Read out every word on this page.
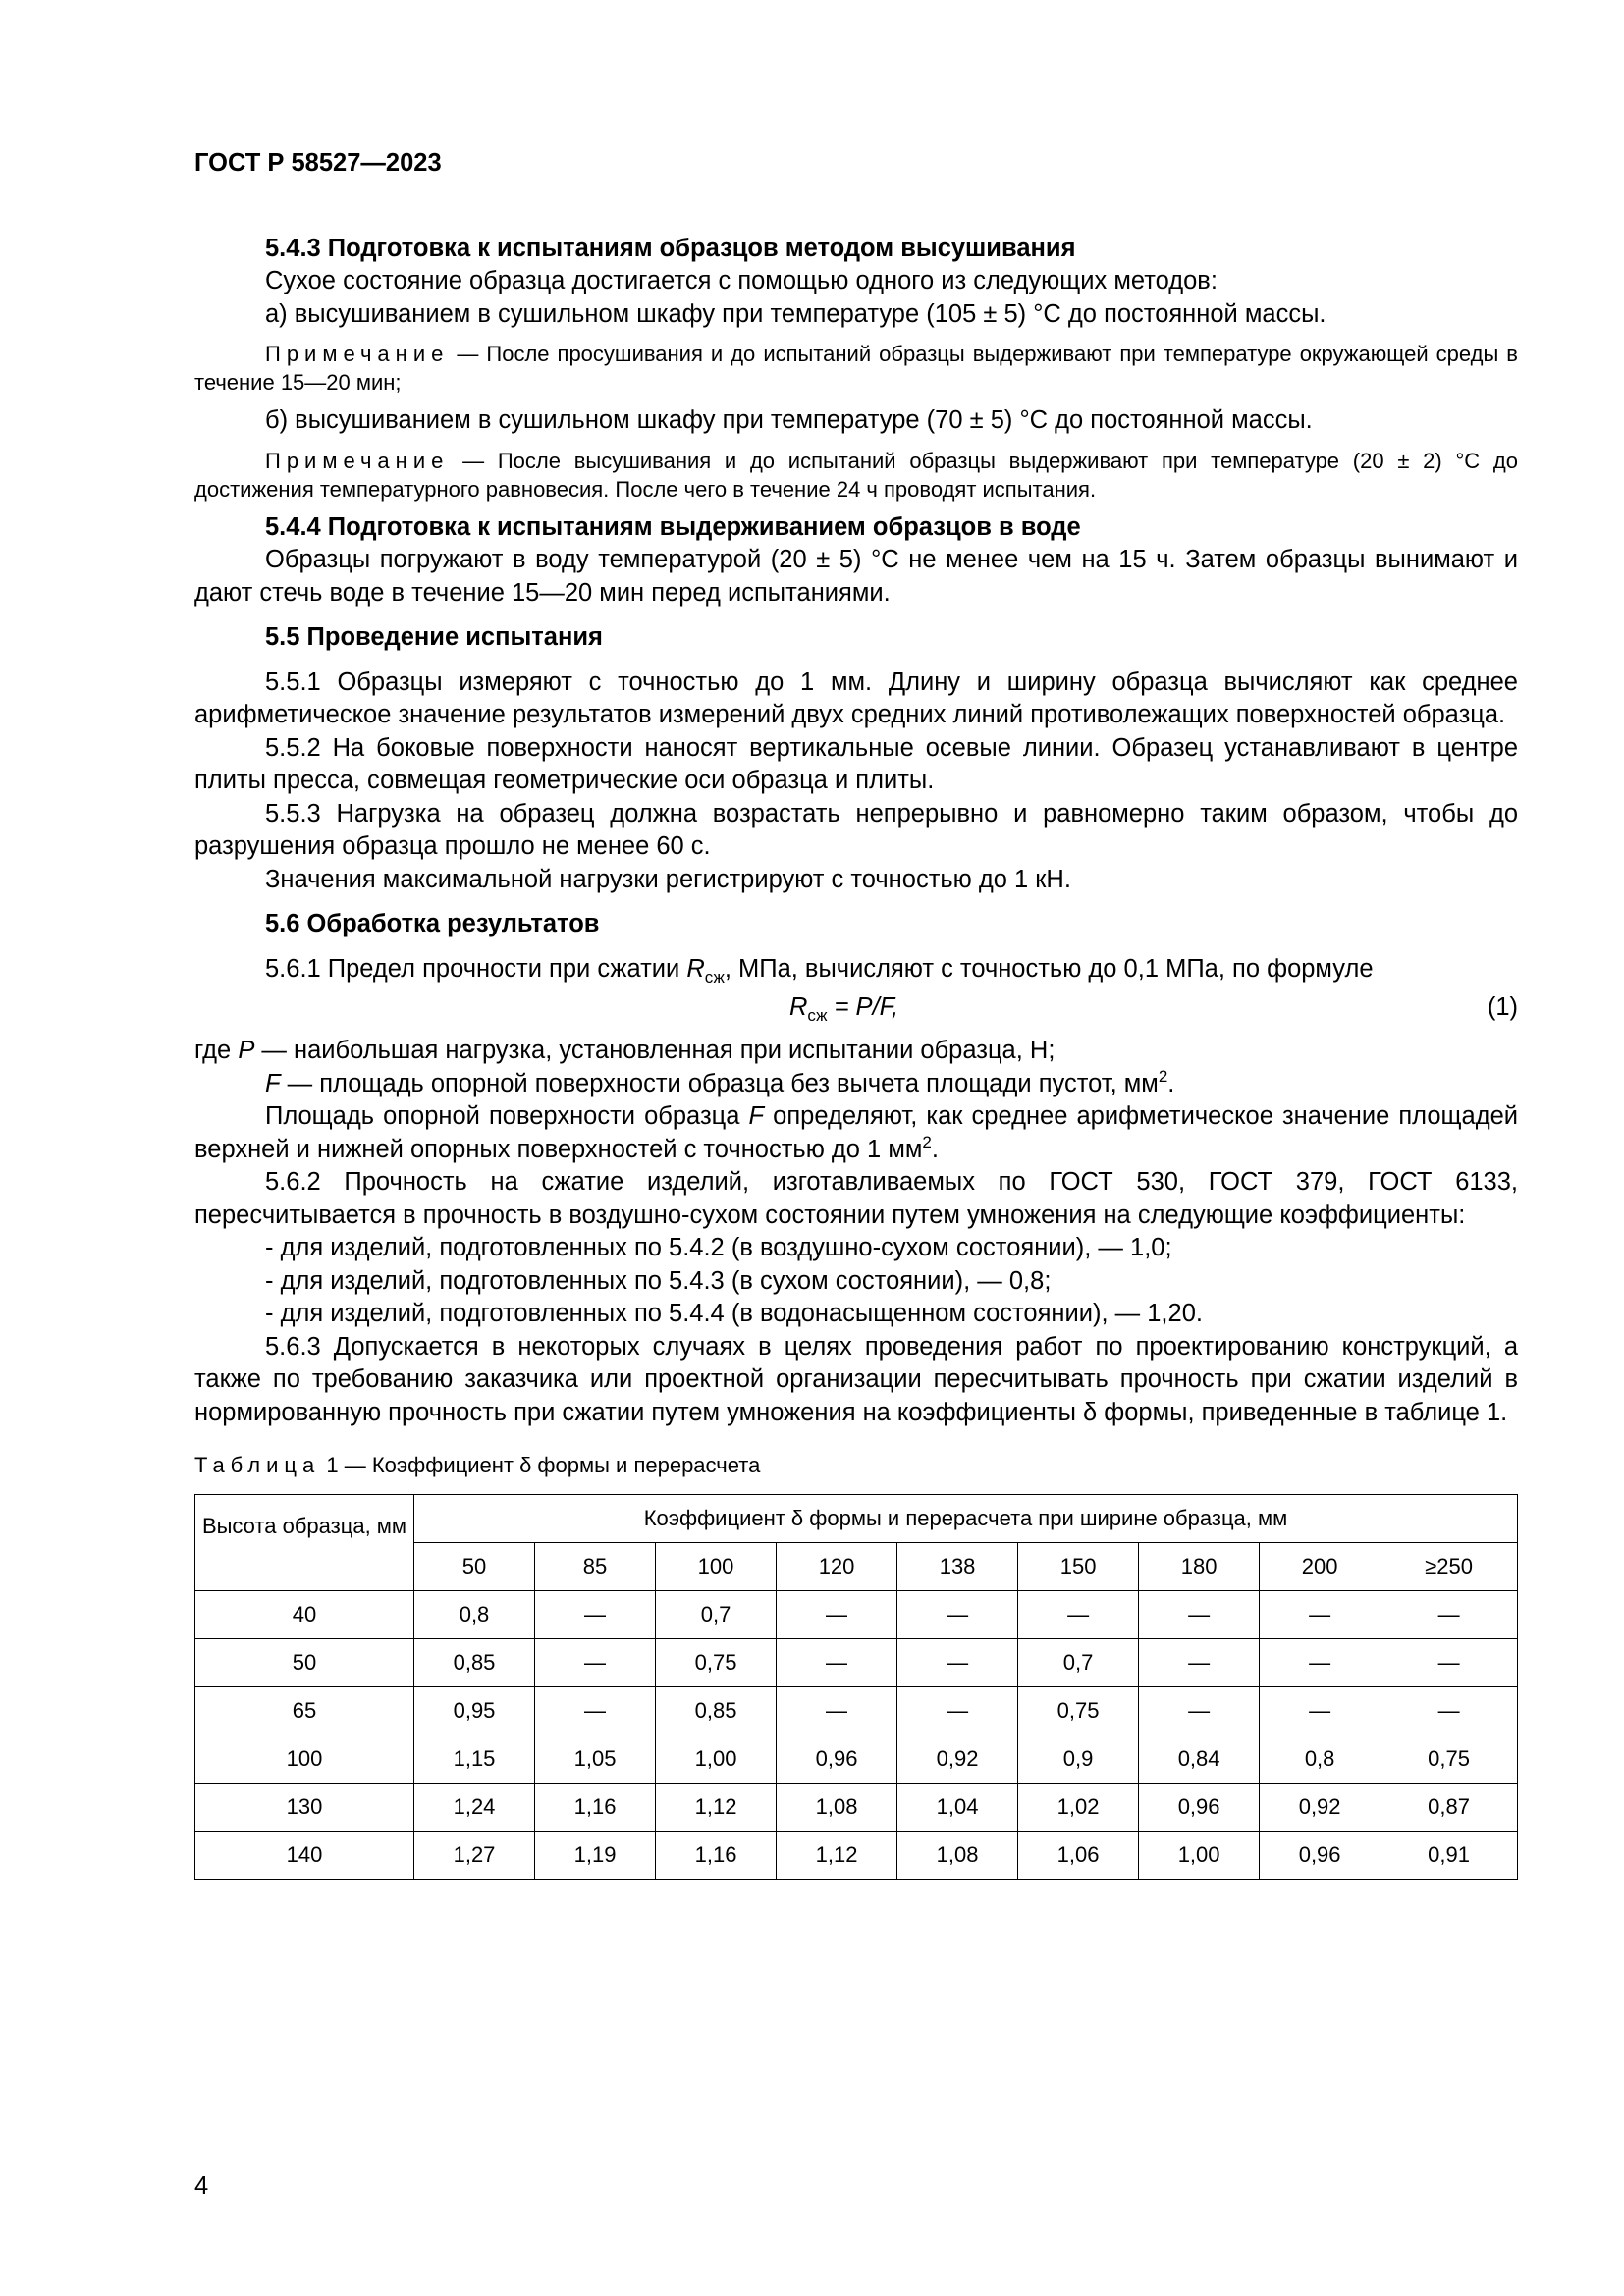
ГОСТ Р 58527—2023
5.4.3 Подготовка к испытаниям образцов методом высушивания
Сухое состояние образца достигается с помощью одного из следующих методов:
а) высушиванием в сушильном шкафу при температуре (105 ± 5) °С до постоянной массы.
Примечание — После просушивания и до испытаний образцы выдерживают при температуре окружающей среды в течение 15—20 мин;
б) высушиванием в сушильном шкафу при температуре (70 ± 5) °С до постоянной массы.
Примечание — После высушивания и до испытаний образцы выдерживают при температуре (20 ± 2) °С до достижения температурного равновесия. После чего в течение 24 ч проводят испытания.
5.4.4 Подготовка к испытаниям выдерживанием образцов в воде
Образцы погружают в воду температурой (20 ± 5) °С не менее чем на 15 ч. Затем образцы вынимают и дают стечь воде в течение 15—20 мин перед испытаниями.
5.5 Проведение испытания
5.5.1 Образцы измеряют с точностью до 1 мм. Длину и ширину образца вычисляют как среднее арифметическое значение результатов измерений двух средних линий противолежащих поверхностей образца.
5.5.2 На боковые поверхности наносят вертикальные осевые линии. Образец устанавливают в центре плиты пресса, совмещая геометрические оси образца и плиты.
5.5.3 Нагрузка на образец должна возрастать непрерывно и равномерно таким образом, чтобы до разрушения образца прошло не менее 60 с.
Значения максимальной нагрузки регистрируют с точностью до 1 кН.
5.6 Обработка результатов
5.6.1 Предел прочности при сжатии $R_{сж}$, МПа, вычисляют с точностью до 0,1 МПа, по формуле
$R_{сж} = P/F$,	(1)
где P — наибольшая нагрузка, установленная при испытании образца, Н;
F — площадь опорной поверхности образца без вычета площади пустот, $мм^2$.
Площадь опорной поверхности образца F определяют, как среднее арифметическое значение площадей верхней и нижней опорных поверхностей с точностью до 1 $мм^2$.
5.6.2 Прочность на сжатие изделий, изготавливаемых по ГОСТ 530, ГОСТ 379, ГОСТ 6133, пересчитывается в прочность в воздушно-сухом состоянии путем умножения на следующие коэффициенты:
- для изделий, подготовленных по 5.4.2 (в воздушно-сухом состоянии), — 1,0;
- для изделий, подготовленных по 5.4.3 (в сухом состоянии), — 0,8;
- для изделий, подготовленных по 5.4.4 (в водонасыщенном состоянии), — 1,20.
5.6.3 Допускается в некоторых случаях в целях проведения работ по проектированию конструкций, а также по требованию заказчика или проектной организации пересчитывать прочность при сжатии изделий в нормированную прочность при сжатии путем умножения на коэффициенты δ формы, приведенные в таблице 1.
Таблица 1 — Коэффициент δ формы и перерасчета
Высота образца, мм	Коэффициент δ формы и перерасчета при ширине образца, мм								
	50	85	100	120	138	150	180	200	≥250
40	0,8	—	0,7	—	—	—	—	—	—
50	0,85	—	0,75	—	—	0,7	—	—	—
65	0,95	—	0,85	—	—	0,75	—	—	—
100	1,15	1,05	1,00	0,96	0,92	0,9	0,84	0,8	0,75
130	1,24	1,16	1,12	1,08	1,04	1,02	0,96	0,92	0,87
140	1,27	1,19	1,16	1,12	1,08	1,06	1,00	0,96	0,91
4
